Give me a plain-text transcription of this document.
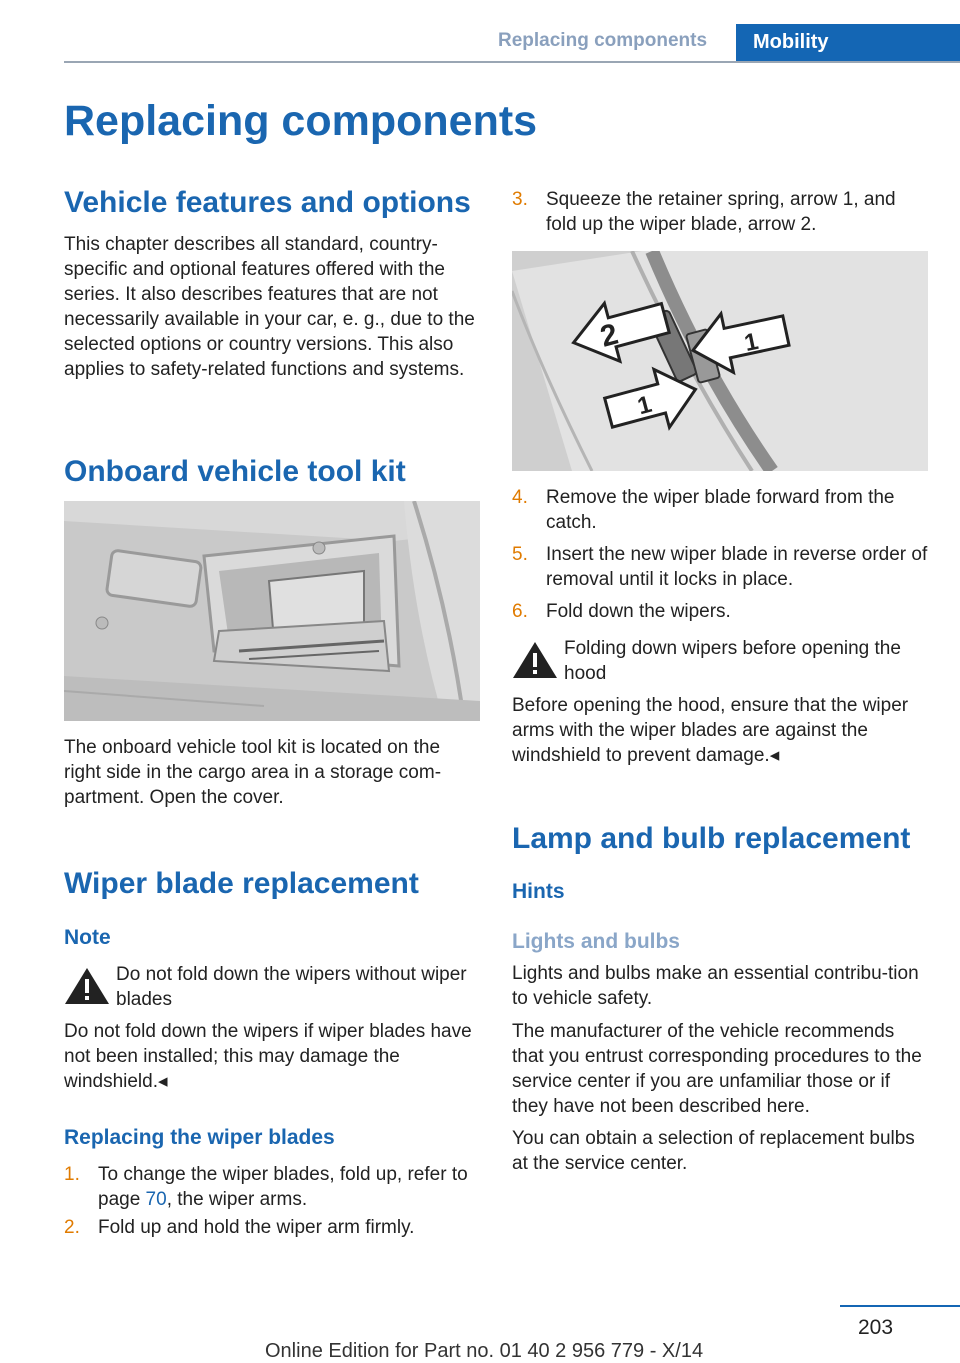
Replacing components Mobility
Replacing components
Vehicle features and options
This chapter describes all standard, country-specific and optional features offered with the series. It also describes features that are not necessarily available in your car, e. g., due to the selected options or country versions. This also applies to safety-related functions and systems.
Onboard vehicle tool kit
The onboard vehicle tool kit is located on the right side in the cargo area in a storage com-partment. Open the cover.
Wiper blade replacement
Note
Do not fold down the wipers without wiper blades
Do not fold down the wipers if wiper blades have not been installed; this may damage the windshield.◂
Replacing the wiper blades
1. To change the wiper blades, fold up, refer to page 70, the wiper arms.
2. Fold up and hold the wiper arm firmly.
3. Squeeze the retainer spring, arrow 1, and fold up the wiper blade, arrow 2.
2	1
1
4. Remove the wiper blade forward from the catch.
5. Insert the new wiper blade in reverse order of removal until it locks in place.
6. Fold down the wipers.
Folding down wipers before opening the hood
Before opening the hood, ensure that the wiper arms with the wiper blades are against the windshield to prevent damage.◂
Lamp and bulb replacement
Hints
Lights and bulbs
Lights and bulbs make an essential contribu-tion to vehicle safety.
The manufacturer of the vehicle recommends that you entrust corresponding procedures to the service center if you are unfamiliar those or if they have not been described here.
You can obtain a selection of replacement bulbs at the service center.
203
Online Edition for Part no. 01 40 2 956 779 - X/14
